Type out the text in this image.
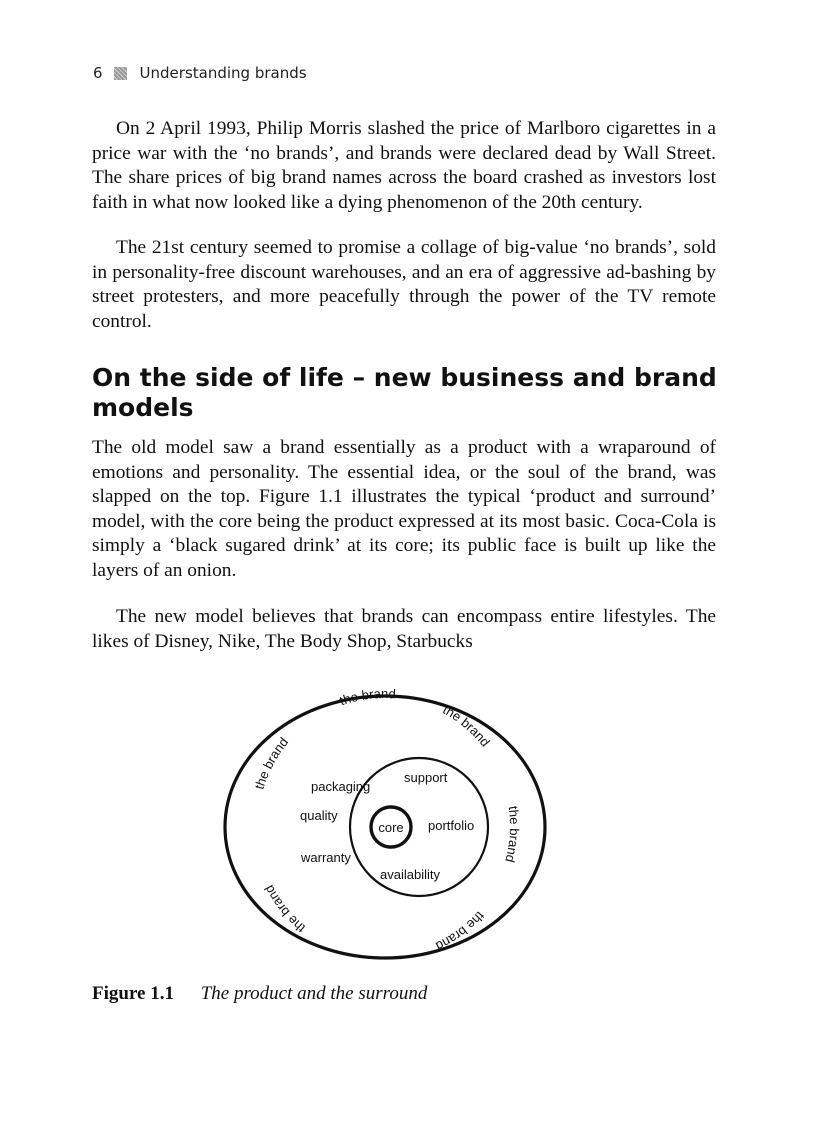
6 Understanding brands

On 2 April 1993, Philip Morris slashed the price of Marlboro cigarettes in a price war with the ‘no brands’, and brands were declared dead by Wall Street. The share prices of big brand names across the board crashed as investors lost faith in what now looked like a dying phenomenon of the 20th century.

The 21st century seemed to promise a collage of big-value ‘no brands’, sold in personality-free discount warehouses, and an era of aggressive ad-bashing by street protesters, and more peacefully through the power of the TV remote control.

On the side of life – new business and brand models

The old model saw a brand essentially as a product with a wraparound of emotions and personality. The essential idea, or the soul of the brand, was slapped on the top. Figure 1.1 illustrates the typical ‘product and surround’ model, with the core being the product expressed at its most basic. Coca-Cola is simply a ‘black sugared drink’ at its core; its public face is built up like the layers of an onion.

The new model believes that brands can encompass entire lifestyles. The likes of Disney, Nike, The Body Shop, Starbucks

core
packaging
support
quality
portfolio
warranty
availability
the brand
the brand
the brand
the brand
the brand
the brand
Figure 1.1 The product and the surround
